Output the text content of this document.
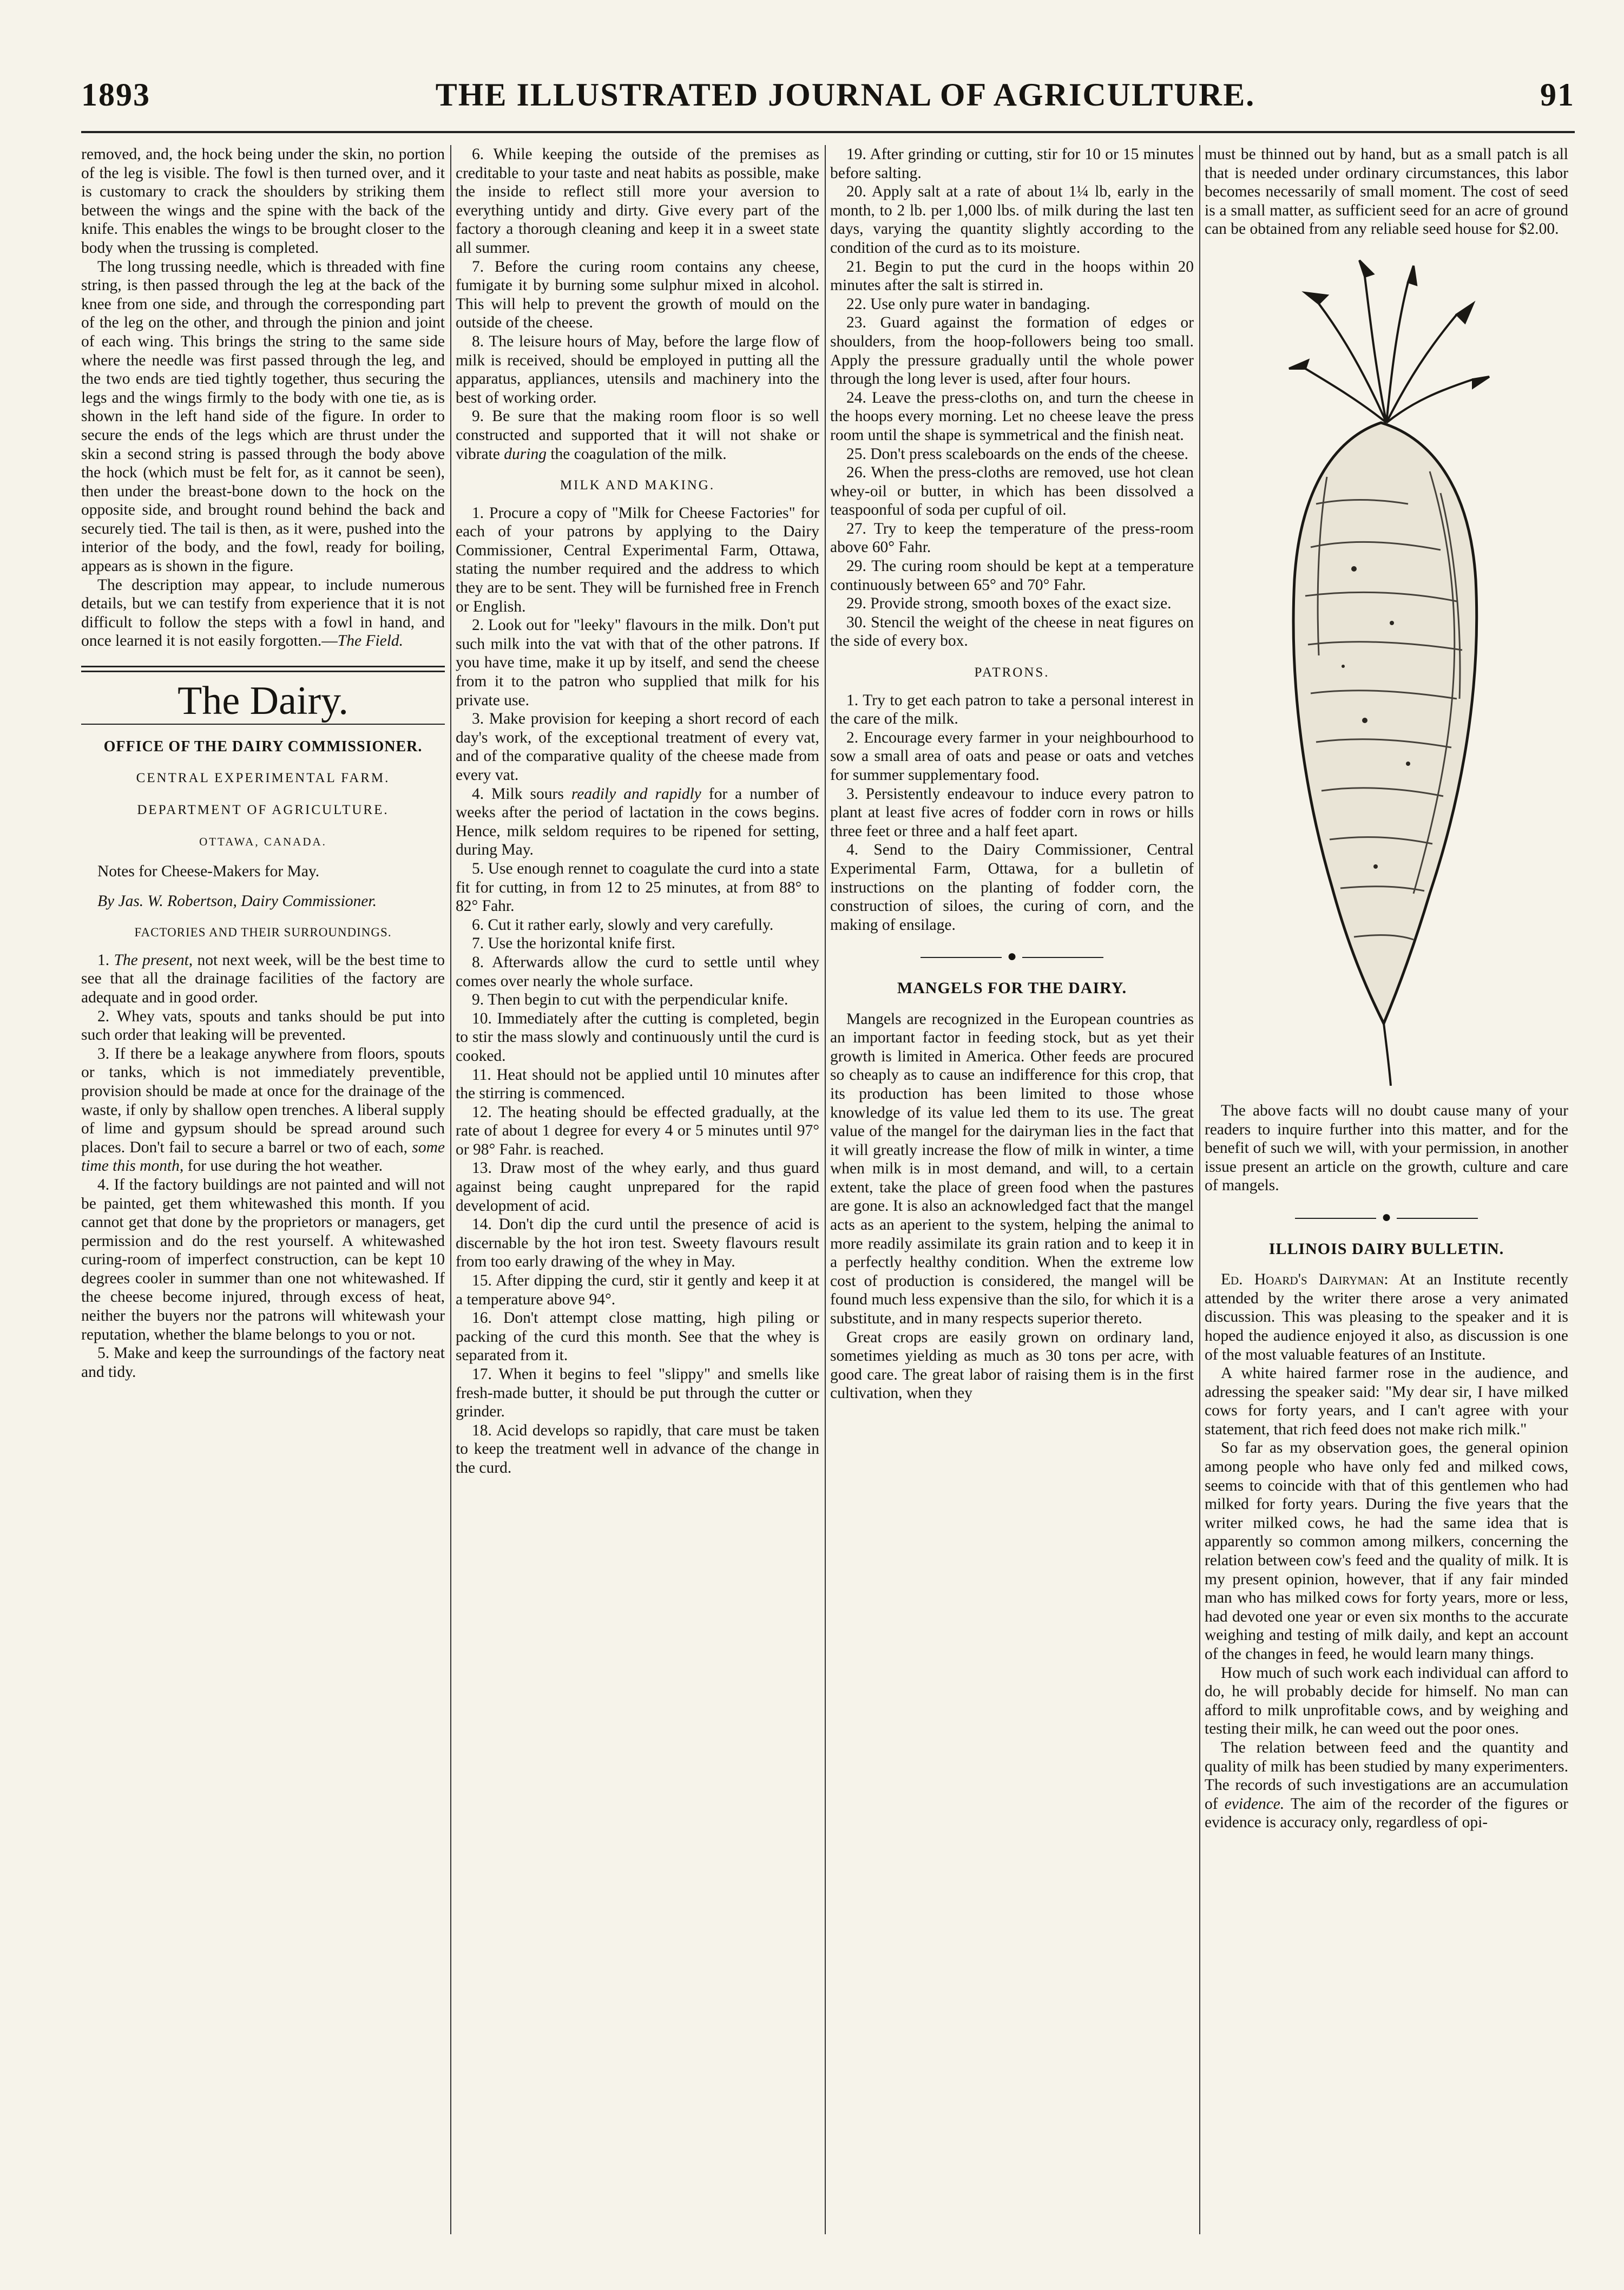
1893	THE ILLUSTRATED JOURNAL OF AGRICULTURE.	91

removed, and, the hock being under the skin, no portion of the leg is visible. The fowl is then turned over, and it is customary to crack the shoulders by striking them between the wings and the spine with the back of the knife. This enables the wings to be brought closer to the body when the trussing is completed.

The long trussing needle, which is threaded with fine string, is then passed through the leg at the back of the knee from one side, and through the corresponding part of the leg on the other, and through the pinion and joint of each wing. This brings the string to the same side where the needle was first passed through the leg, and the two ends are tied tightly together, thus securing the legs and the wings firmly to the body with one tie, as is shown in the left hand side of the figure. In order to secure the ends of the legs which are thrust under the skin a second string is passed through the body above the hock (which must be felt for, as it cannot be seen), then under the breast-bone down to the hock on the opposite side, and brought round behind the back and securely tied. The tail is then, as it were, pushed into the interior of the body, and the fowl, ready for boiling, appears as is shown in the figure.

The description may appear, to include numerous details, but we can testify from experience that it is not difficult to follow the steps with a fowl in hand, and once learned it is not easily forgotten.—The Field.

The Dairy.
OFFICE OF THE DAIRY COMMISSIONER.
CENTRAL EXPERIMENTAL FARM.
DEPARTMENT OF AGRICULTURE.
OTTAWA, CANADA.
Notes for Cheese-Makers for May.
By Jas. W. Robertson, Dairy Commissioner.
FACTORIES AND THEIR SURROUNDINGS.

1. The present, not next week, will be the best time to see that all the drainage facilities of the factory are adequate and in good order.

2. Whey vats, spouts and tanks should be put into such order that leaking will be prevented.

3. If there be a leakage anywhere from floors, spouts or tanks, which is not immediately preventible, provision should be made at once for the drainage of the waste, if only by shallow open trenches. A liberal supply of lime and gypsum should be spread around such places. Don't fail to secure a barrel or two of each, some time this month, for use during the hot weather.

4. If the factory buildings are not painted and will not be painted, get them whitewashed this month. If you cannot get that done by the proprietors or managers, get permission and do the rest yourself. A whitewashed curing-room of imperfect construction, can be kept 10 degrees cooler in summer than one not whitewashed. If the cheese become injured, through excess of heat, neither the buyers nor the patrons will whitewash your reputation, whether the blame belongs to you or not.

5. Make and keep the surroundings of the factory neat and tidy.

6. While keeping the outside of the premises as creditable to your taste and neat habits as possible, make the inside to reflect still more your aversion to everything untidy and dirty. Give every part of the factory a thorough cleaning and keep it in a sweet state all summer.

7. Before the curing room contains any cheese, fumigate it by burning some sulphur mixed in alcohol. This will help to prevent the growth of mould on the outside of the cheese.

8. The leisure hours of May, before the large flow of milk is received, should be employed in putting all the apparatus, appliances, utensils and machinery into the best of working order.

9. Be sure that the making room floor is so well constructed and supported that it will not shake or vibrate during the coagulation of the milk.

MILK AND MAKING.

1. Procure a copy of "Milk for Cheese Factories" for each of your patrons by applying to the Dairy Commissioner, Central Experimental Farm, Ottawa, stating the number required and the address to which they are to be sent. They will be furnished free in French or English.

2. Look out for "leeky" flavours in the milk. Don't put such milk into the vat with that of the other patrons. If you have time, make it up by itself, and send the cheese from it to the patron who supplied that milk for his private use.

3. Make provision for keeping a short record of each day's work, of the exceptional treatment of every vat, and of the comparative quality of the cheese made from every vat.

4. Milk sours readily and rapidly for a number of weeks after the period of lactation in the cows begins. Hence, milk seldom requires to be ripened for setting, during May.

5. Use enough rennet to coagulate the curd into a state fit for cutting, in from 12 to 25 minutes, at from 88° to 82° Fahr.

6. Cut it rather early, slowly and very carefully.

7. Use the horizontal knife first.

8. Afterwards allow the curd to settle until whey comes over nearly the whole surface.

9. Then begin to cut with the perpendicular knife.

10. Immediately after the cutting is completed, begin to stir the mass slowly and continuously until the curd is cooked.

11. Heat should not be applied until 10 minutes after the stirring is commenced.

12. The heating should be effected gradually, at the rate of about 1 degree for every 4 or 5 minutes until 97° or 98° Fahr. is reached.

13. Draw most of the whey early, and thus guard against being caught unprepared for the rapid development of acid.

14. Don't dip the curd until the presence of acid is discernable by the hot iron test. Sweety flavours result from too early drawing of the whey in May.

15. After dipping the curd, stir it gently and keep it at a temperature above 94°.

16. Don't attempt close matting, high piling or packing of the curd this month. See that the whey is separated from it.

17. When it begins to feel "slippy" and smells like fresh-made butter, it should be put through the cutter or grinder.

18. Acid develops so rapidly, that care must be taken to keep the treatment well in advance of the change in the curd.

19. After grinding or cutting, stir for 10 or 15 minutes before salting.

20. Apply salt at a rate of about 1¼ lb, early in the month, to 2 lb. per 1,000 lbs. of milk during the last ten days, varying the quantity slightly according to the condition of the curd as to its moisture.

21. Begin to put the curd in the hoops within 20 minutes after the salt is stirred in.

22. Use only pure water in bandaging.

23. Guard against the formation of edges or shoulders, from the hoop-followers being too small. Apply the pressure gradually until the whole power through the long lever is used, after four hours.

24. Leave the press-cloths on, and turn the cheese in the hoops every morning. Let no cheese leave the press room until the shape is symmetrical and the finish neat.

25. Don't press scaleboards on the ends of the cheese.

26. When the press-cloths are removed, use hot clean whey-oil or butter, in which has been dissolved a teaspoonful of soda per cupful of oil.

27. Try to keep the temperature of the press-room above 60° Fahr.

29. The curing room should be kept at a temperature continuously between 65° and 70° Fahr.

29. Provide strong, smooth boxes of the exact size.

30. Stencil the weight of the cheese in neat figures on the side of every box.

PATRONS.

1. Try to get each patron to take a personal interest in the care of the milk.

2. Encourage every farmer in your neighbourhood to sow a small area of oats and pease or oats and vetches for summer supplementary food.

3. Persistently endeavour to induce every patron to plant at least five acres of fodder corn in rows or hills three feet or three and a half feet apart.

4. Send to the Dairy Commissioner, Central Experimental Farm, Ottawa, for a bulletin of instructions on the planting of fodder corn, the construction of siloes, the curing of corn, and the making of ensilage.

●
MANGELS FOR THE DAIRY.

Mangels are recognized in the European countries as an important factor in feeding stock, but as yet their growth is limited in America. Other feeds are procured so cheaply as to cause an indifference for this crop, that its production has been limited to those whose knowledge of its value led them to its use. The great value of the mangel for the dairyman lies in the fact that it will greatly increase the flow of milk in winter, a time when milk is in most demand, and will, to a certain extent, take the place of green food when the pastures are gone. It is also an acknowledged fact that the mangel acts as an aperient to the system, helping the animal to more readily assimilate its grain ration and to keep it in a perfectly healthy condition. When the extreme low cost of production is considered, the mangel will be found much less expensive than the silo, for which it is a substitute, and in many respects superior thereto.

Great crops are easily grown on ordinary land, sometimes yielding as much as 30 tons per acre, with good care. The great labor of raising them is in the first cultivation, when they

must be thinned out by hand, but as a small patch is all that is needed under ordinary circumstances, this labor becomes necessarily of small moment. The cost of seed is a small matter, as sufficient seed for an acre of ground can be obtained from any reliable seed house for $2.00.

The above facts will no doubt cause many of your readers to inquire further into this matter, and for the benefit of such we will, with your permission, in another issue present an article on the growth, culture and care of mangels.

●
ILLINOIS DAIRY BULLETIN.

Ed. Hoard's Dairyman: At an Institute recently attended by the writer there arose a very animated discussion. This was pleasing to the speaker and it is hoped the audience enjoyed it also, as discussion is one of the most valuable features of an Institute.

A white haired farmer rose in the audience, and adressing the speaker said: "My dear sir, I have milked cows for forty years, and I can't agree with your statement, that rich feed does not make rich milk."

So far as my observation goes, the general opinion among people who have only fed and milked cows, seems to coincide with that of this gentlemen who had milked for forty years. During the five years that the writer milked cows, he had the same idea that is apparently so common among milkers, concerning the relation between cow's feed and the quality of milk. It is my present opinion, however, that if any fair minded man who has milked cows for forty years, more or less, had devoted one year or even six months to the accurate weighing and testing of milk daily, and kept an account of the changes in feed, he would learn many things.

How much of such work each individual can afford to do, he will probably decide for himself. No man can afford to milk unprofitable cows, and by weighing and testing their milk, he can weed out the poor ones.

The relation between feed and the quantity and quality of milk has been studied by many experimenters. The records of such investigations are an accumulation of evidence. The aim of the recorder of the figures or evidence is accuracy only, regardless of opi-
